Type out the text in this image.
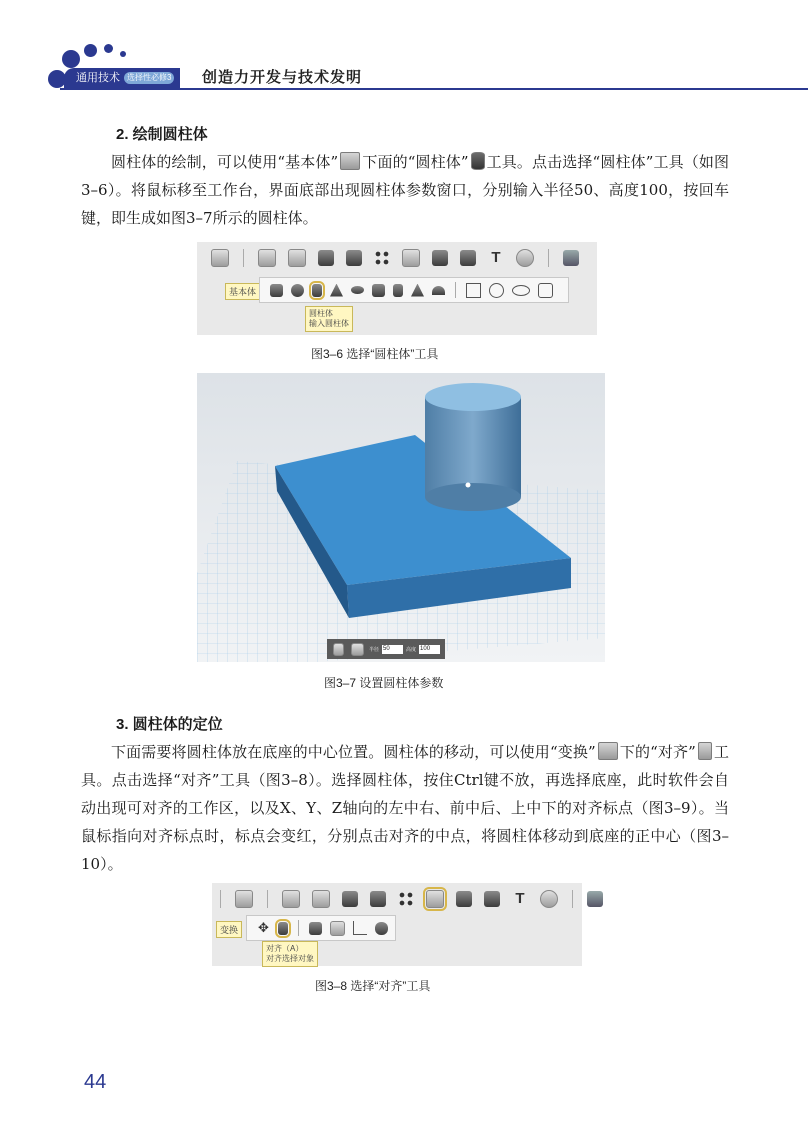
通用技术 选择性必修3	创造力开发与技术发明
2. 绘制圆柱体

圆柱体的绘制，可以使用“基本体” 下面的“圆柱体” 工具。点击选择“圆柱体”工具（如图3–6）。将鼠标移至工作台，界面底部出现圆柱体参数窗口，分别输入半径50、高度100，按回车键，即生成如图3–7所示的圆柱体。

T
基本体
圆柱体
输入圆柱体
图3–6 选择“圆柱体”工具
半径 50	高度 100
图3–7 设置圆柱体参数
3. 圆柱体的定位

下面需要将圆柱体放在底座的中心位置。圆柱体的移动，可以使用“变换” 下的“对齐” 工具。点击选择“对齐”工具（图3–8）。选择圆柱体，按住Ctrl键不放，再选择底座，此时软件会自动出现可对齐的工作区，以及X、Y、Z轴向的左中右、前中后、上中下的对齐标点（图3–9）。当鼠标指向对齐标点时，标点会变红，分别点击对齐的中点，将圆柱体移动到底座的正中心（图3–10）。

T
变换	✥
对齐（A）
对齐选择对象
图3–8 选择“对齐”工具
44
